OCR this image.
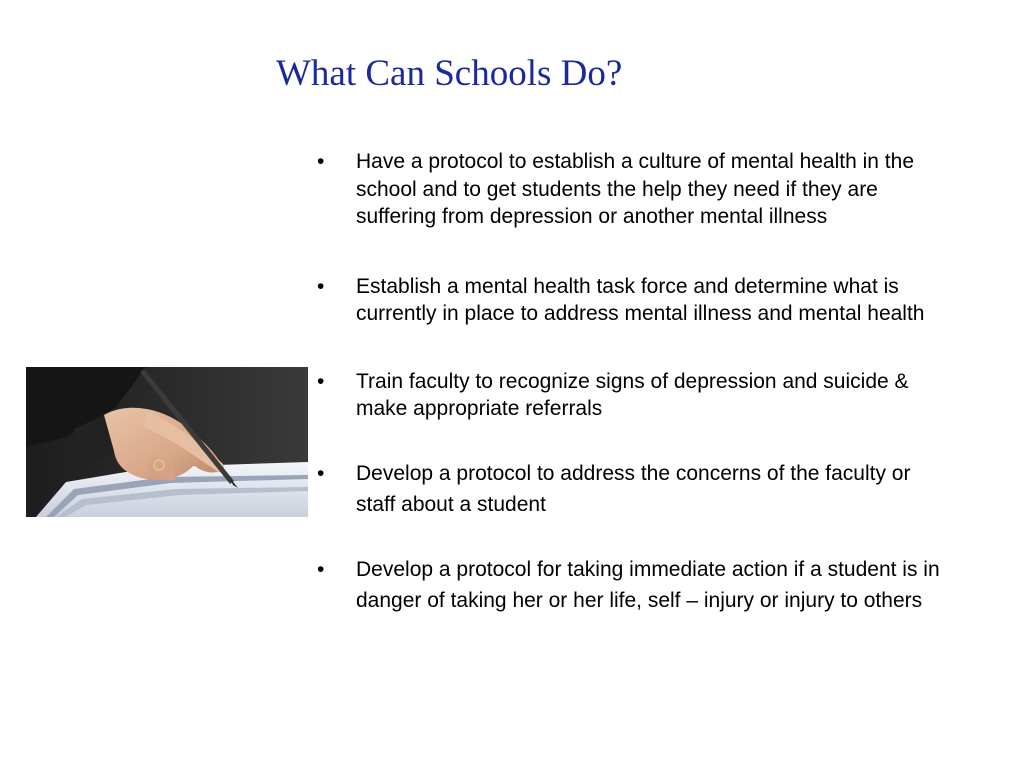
What Can Schools Do?
• Have a protocol to establish a culture of mental health in the school and to get students the help they need if they are suffering from depression or another mental illness
• Establish a mental health task force and determine what is currently in place to address mental illness and mental health
• Train faculty to recognize signs of depression and suicide & make appropriate referrals
• Develop a protocol to address the concerns of the faculty or staff about a student
• Develop a protocol for taking immediate action if a student is in danger of taking her or her life, self – injury or injury to others
